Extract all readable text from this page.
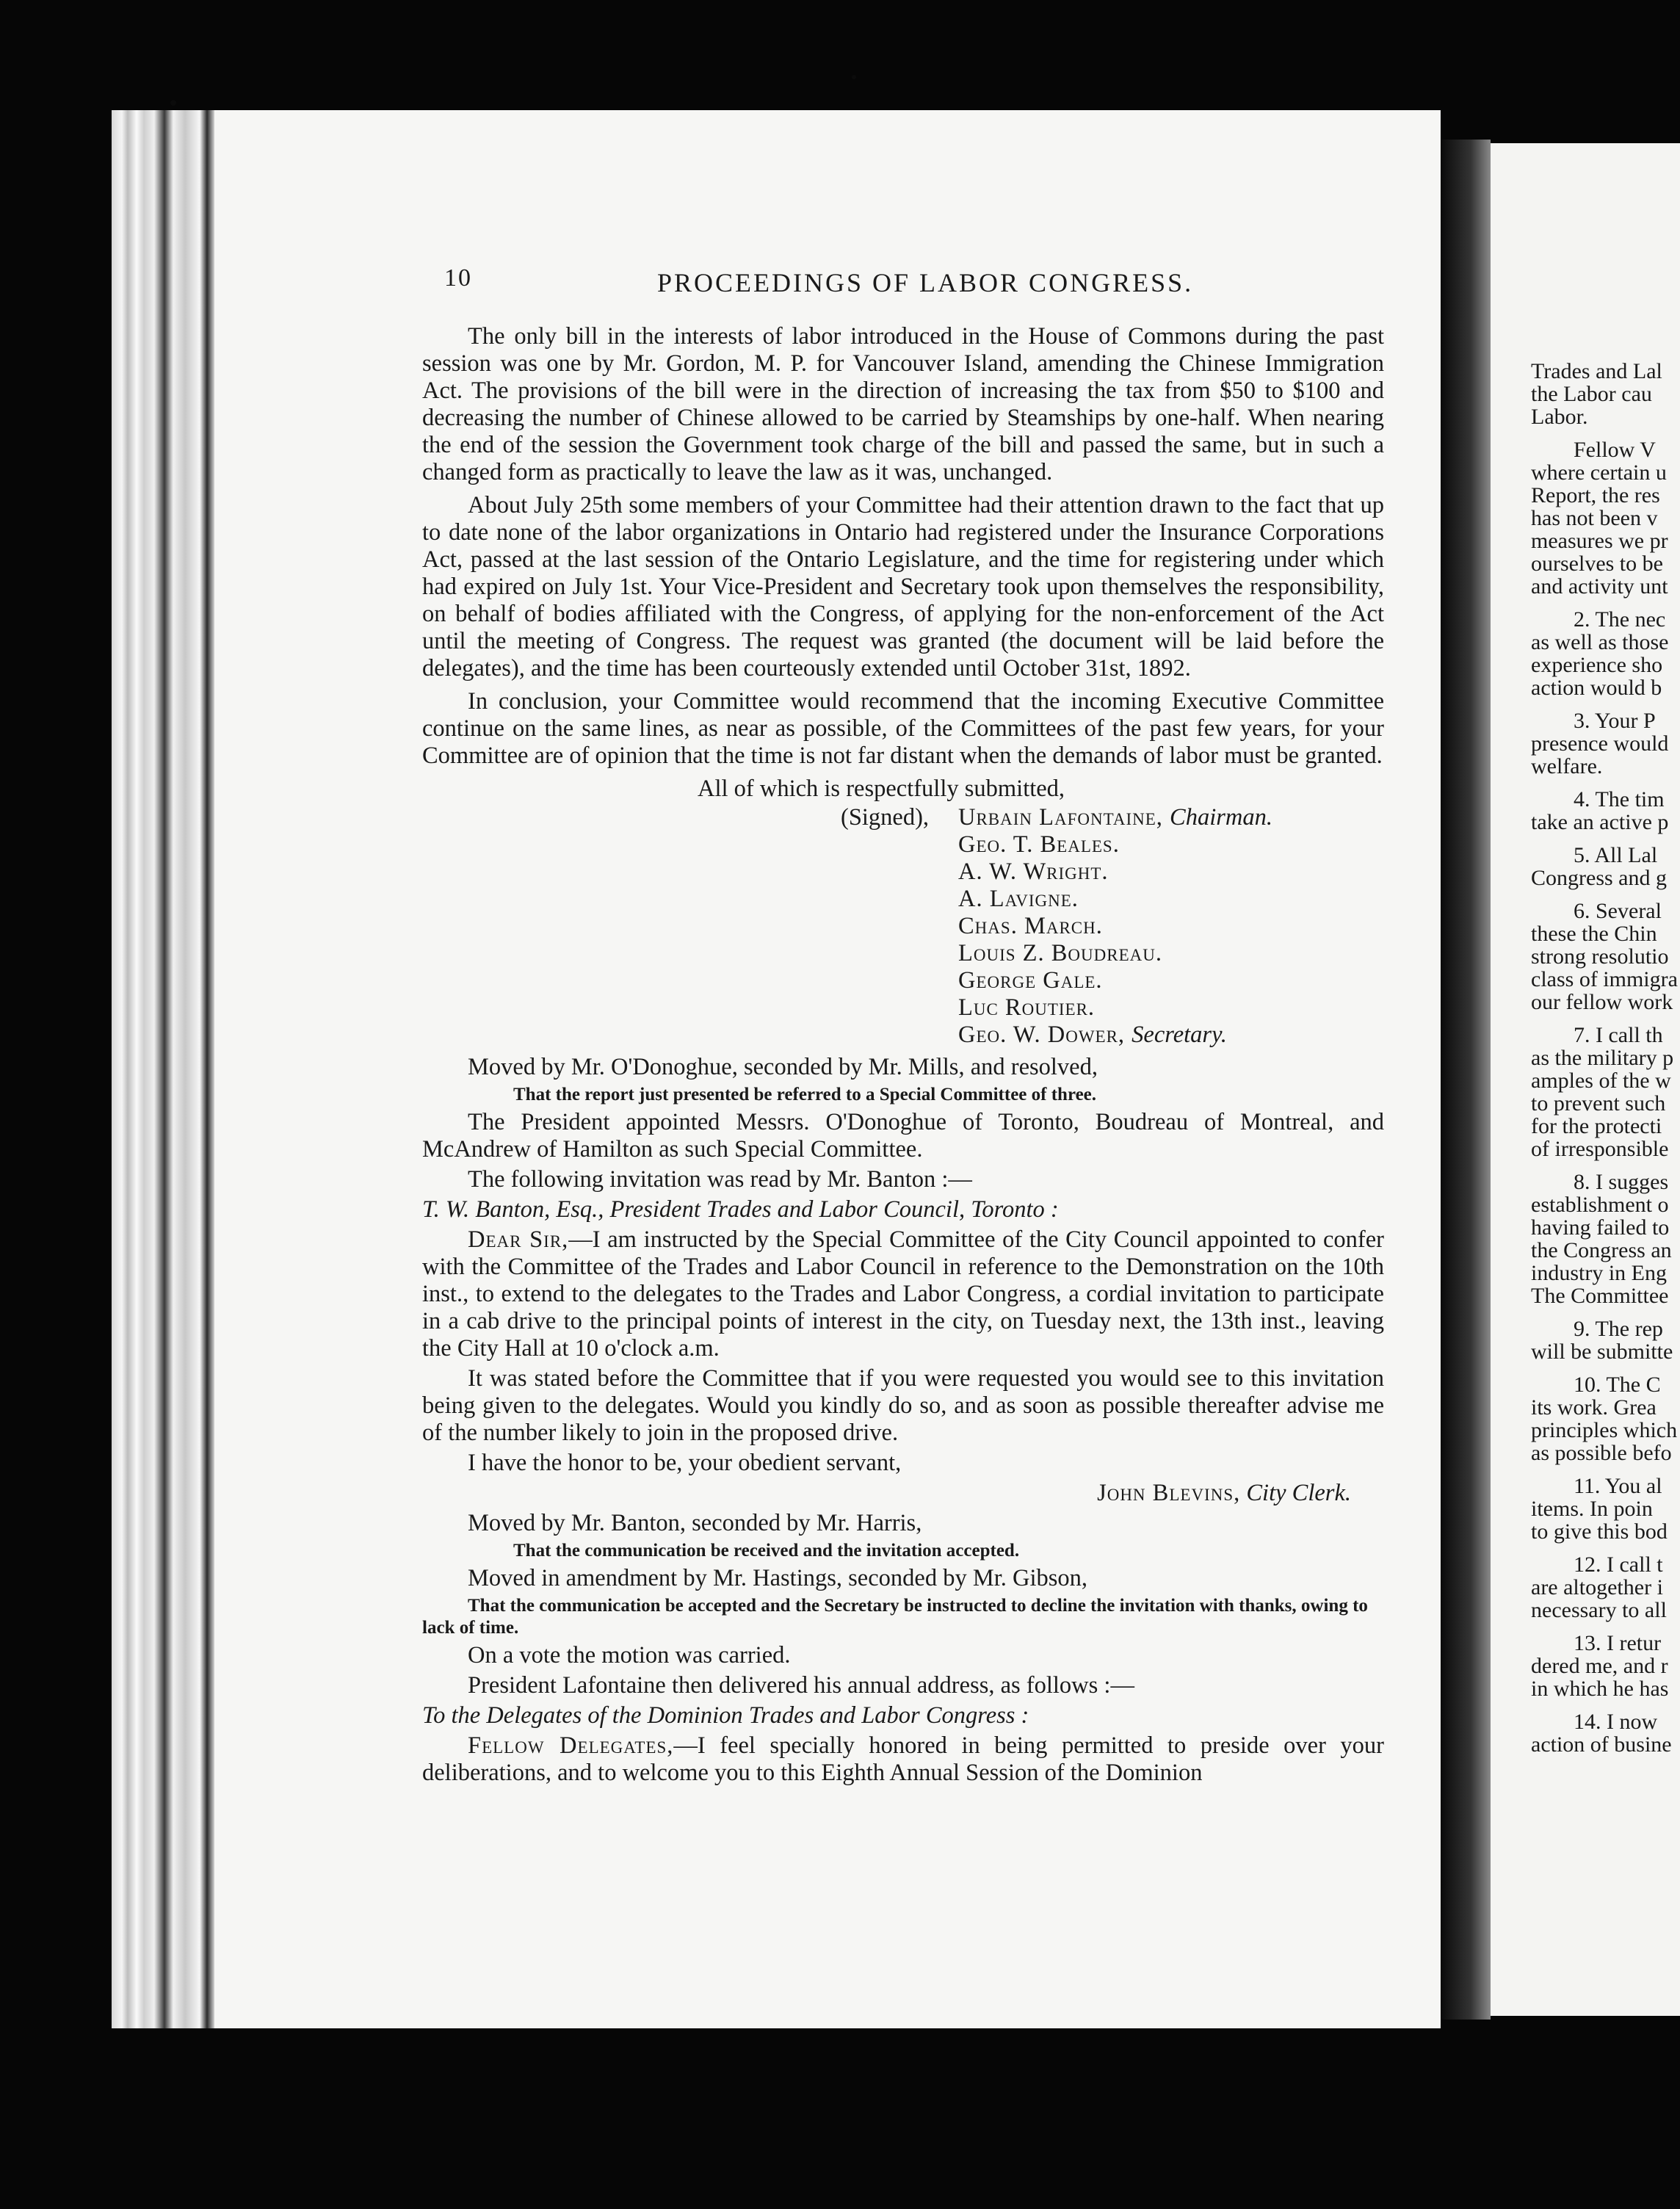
10	PROCEEDINGS OF LABOR CONGRESS.

The only bill in the interests of labor introduced in the House of Commons during the past session was one by Mr. Gordon, M. P. for Vancouver Island, amending the Chinese Immigration Act. The provisions of the bill were in the direction of increasing the tax from $50 to $100 and decreasing the number of Chinese allowed to be carried by Steamships by one-half. When nearing the end of the session the Government took charge of the bill and passed the same, but in such a changed form as practically to leave the law as it was, unchanged.

About July 25th some members of your Committee had their attention drawn to the fact that up to date none of the labor organizations in Ontario had registered under the Insurance Corporations Act, passed at the last session of the Ontario Legislature, and the time for registering under which had expired on July 1st. Your Vice-President and Secretary took upon themselves the responsibility, on behalf of bodies affiliated with the Congress, of applying for the non-enforcement of the Act until the meeting of Congress. The request was granted (the document will be laid before the delegates), and the time has been courteously extended until October 31st, 1892.

In conclusion, your Committee would recommend that the incoming Executive Committee continue on the same lines, as near as possible, of the Committees of the past few years, for your Committee are of opinion that the time is not far distant when the demands of labor must be granted.

All of which is respectfully submitted,
(Signed), Urbain Lafontaine, Chairman.
Geo. T. Beales.
A. W. Wright.
A. Lavigne.
Chas. March.
Louis Z. Boudreau.
George Gale.
Luc Routier.
Geo. W. Dower, Secretary.

Moved by Mr. O'Donoghue, seconded by Mr. Mills, and resolved,

That the report just presented be referred to a Special Committee of three.

The President appointed Messrs. O'Donoghue of Toronto, Boudreau of Montreal, and McAndrew of Hamilton as such Special Committee.

The following invitation was read by Mr. Banton :—

T. W. Banton, Esq., President Trades and Labor Council, Toronto :

Dear Sir,—I am instructed by the Special Committee of the City Council appointed to confer with the Committee of the Trades and Labor Council in reference to the Demonstration on the 10th inst., to extend to the delegates to the Trades and Labor Congress, a cordial invitation to participate in a cab drive to the principal points of interest in the city, on Tuesday next, the 13th inst., leaving the City Hall at 10 o'clock a.m.

It was stated before the Committee that if you were requested you would see to this invitation being given to the delegates. Would you kindly do so, and as soon as possible thereafter advise me of the number likely to join in the proposed drive.

I have the honor to be, your obedient servant,

John Blevins, City Clerk.

Moved by Mr. Banton, seconded by Mr. Harris,

That the communication be received and the invitation accepted.

Moved in amendment by Mr. Hastings, seconded by Mr. Gibson,

That the communication be accepted and the Secretary be instructed to decline the invitation with thanks, owing to lack of time.

On a vote the motion was carried.

President Lafontaine then delivered his annual address, as follows :—

To the Delegates of the Dominion Trades and Labor Congress :

Fellow Delegates,—I feel specially honored in being permitted to preside over your deliberations, and to welcome you to this Eighth Annual Session of the Dominion

Trades and Lal
the Labor cau
Labor.
Fellow V
where certain u
Report, the res
has not been v
measures we pr
ourselves to be
and activity unt
2. The nec
as well as those
experience sho
action would b
3. Your P
presence would
welfare.
4. The tim
take an active p
5. All Lal
Congress and g
6. Several
these the Chin
strong resolutio
class of immigra
our fellow work
7. I call th
as the military p
amples of the w
to prevent such
for the protecti
of irresponsible
8. I sugges
establishment o
having failed to
the Congress an
industry in Eng
The Committee
9. The rep
will be submitte
10. The C
its work. Grea
principles which
as possible befo
11. You al
items. In poin
to give this bod
12. I call t
are altogether i
necessary to all
13. I retur
dered me, and r
in which he has
14. I now
action of busine
